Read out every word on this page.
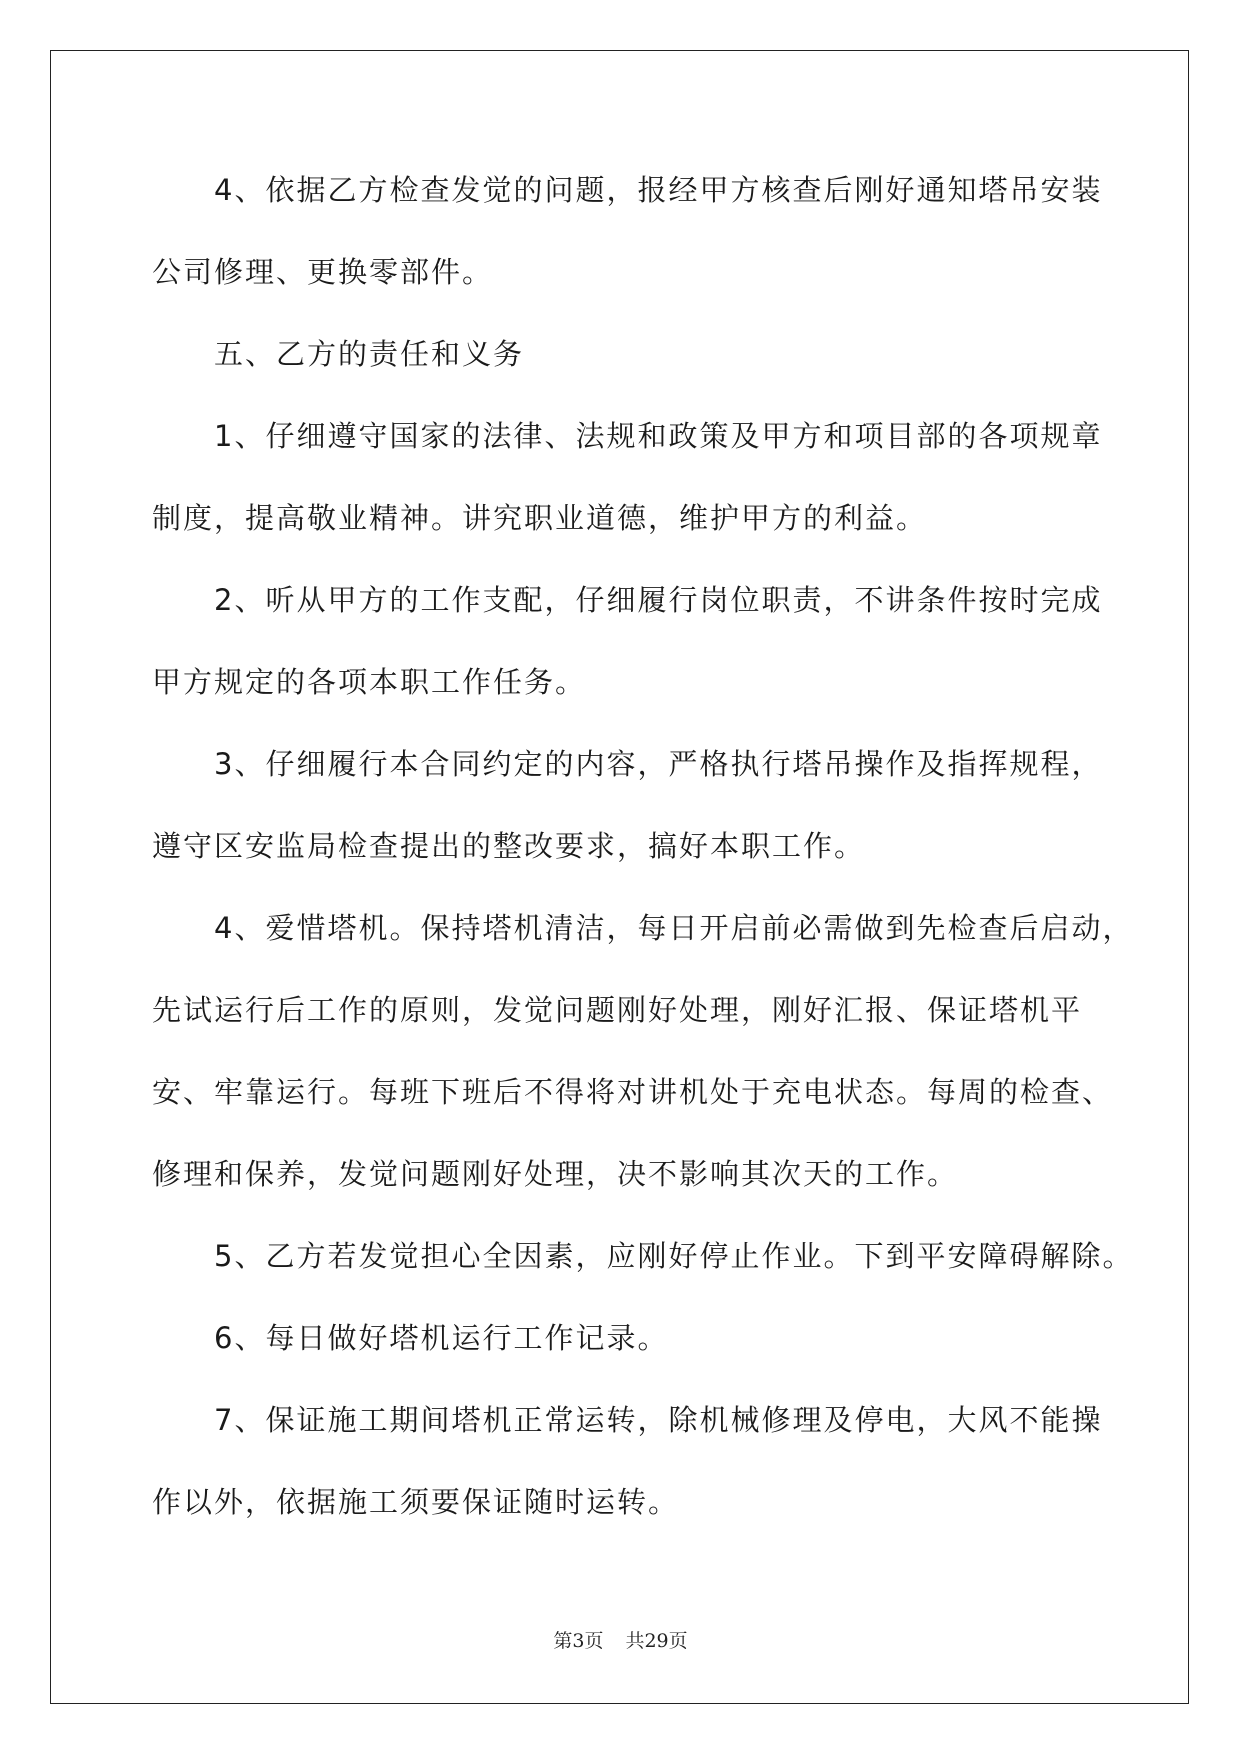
4、依据乙方检查发觉的问题，报经甲方核查后刚好通知塔吊安装
公司修理、更换零部件。
五、乙方的责任和义务
1、仔细遵守国家的法律、法规和政策及甲方和项目部的各项规章
制度，提高敬业精神。讲究职业道德，维护甲方的利益。
2、听从甲方的工作支配，仔细履行岗位职责，不讲条件按时完成
甲方规定的各项本职工作任务。
3、仔细履行本合同约定的内容，严格执行塔吊操作及指挥规程，
遵守区安监局检查提出的整改要求，搞好本职工作。
4、爱惜塔机。保持塔机清洁，每日开启前必需做到先检查后启动，
先试运行后工作的原则，发觉问题刚好处理，刚好汇报、保证塔机平
安、牢靠运行。每班下班后不得将对讲机处于充电状态。每周的检查、
修理和保养，发觉问题刚好处理，决不影响其次天的工作。
5、乙方若发觉担心全因素，应刚好停止作业。下到平安障碍解除。
6、每日做好塔机运行工作记录。
7、保证施工期间塔机正常运转，除机械修理及停电，大风不能操
作以外，依据施工须要保证随时运转。
第3页 共29页
